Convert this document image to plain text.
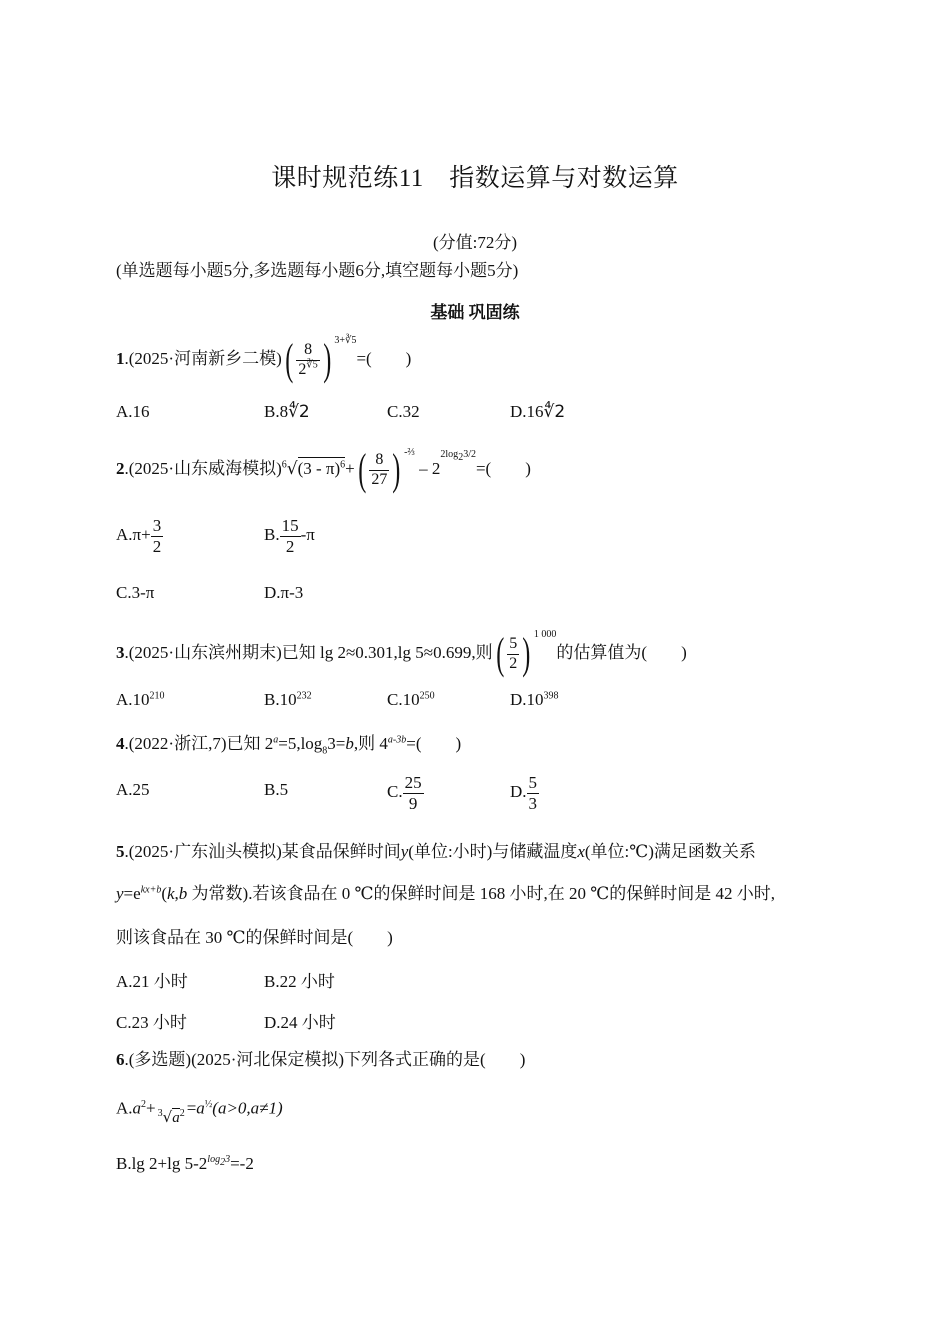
课时规范练11　指数运算与对数运算
(分值:72分)
(单选题每小题5分,多选题每小题6分,填空题每小题5分)
基础 巩固练
1.(2025·河南新乡二模)( $\frac{8}{2^{∛5}}$ ) $^{3+∛5}$=(　　)
A.16	B.8∜2	C.32	D.16∜2
2.(2025·山东威海模拟)$^6√(3 - \pi)^6+( \frac{8}{27}$ ) $^{-\frac{2}{3}} - 2^{2log_23/2}=$(　　)
$A.\pi+ \frac{3}{2}$	B. $\frac{15}{2} -\pi$
C.3-π	D.π-3
3.(2025·山东滨州期末)已知 lg 2≈0.301,lg 5≈0.699,则( $\frac{5}{2}$ ) $^{1 000}$的估算值为(　　)
$A.10^{210}$	$B.10^{232}$	$C.10^{250}$	$D.10^{398}$
4.(2022·浙江,7)已知 $2^a=5,\log_83=b$,则 $4^{a-3b}=$(　　)
A.25	B.5	C. $\frac{25}{9}$	D. $\frac{5}{3}$
5.(2025·广东汕头模拟)某食品保鲜时间y(单位:小时)与储藏温度x(单位:℃)满足函数关系
$y=e^{kx+b}(k,b$ 为常数).若该食品在 0 ℃的保鲜时间是 168 小时,在 20 ℃的保鲜时间是 42 小时,
则该食品在 30 ℃的保鲜时间是(　　)
A.21 小时	B.22 小时
C.23 小时	D.24 小时
6.(多选题)(2025·河北保定模拟)下列各式正确的是(　　)
$A.a^2+$
$^3√a^2 =a^{\frac{1}{2}}(a>0,a\ne 1)$
B.lg 2+lg $5-2^{log_23}=-2$
